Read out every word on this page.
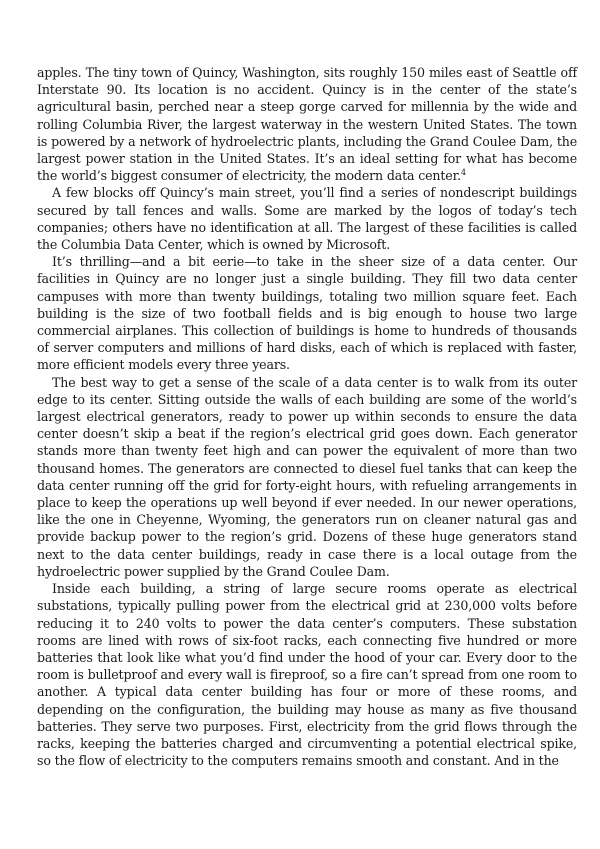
apples. The tiny town of Quincy, Washington, sits roughly 150 miles east of Seattle off Interstate 90. Its location is no accident. Quincy is in the center of the state’s agricultural basin, perched near a steep gorge carved for millennia by the wide and rolling Columbia River, the largest waterway in the western United States. The town is powered by a network of hydroelectric plants, including the Grand Coulee Dam, the largest power station in the United States. It’s an ideal setting for what has become the world’s biggest consumer of electricity, the modern data center.$^4$

A few blocks off Quincy’s main street, you’ll find a series of nondescript buildings secured by tall fences and walls. Some are marked by the logos of today’s tech companies; others have no identification at all. The largest of these facilities is called the Columbia Data Center, which is owned by Microsoft.

It’s thrilling—and a bit eerie—to take in the sheer size of a data center. Our facilities in Quincy are no longer just a single building. They fill two data center campuses with more than twenty buildings, totaling two million square feet. Each building is the size of two football fields and is big enough to house two large commercial airplanes. This collection of buildings is home to hundreds of thousands of server computers and millions of hard disks, each of which is replaced with faster, more efficient models every three years.

The best way to get a sense of the scale of a data center is to walk from its outer edge to its center. Sitting outside the walls of each building are some of the world’s largest electrical generators, ready to power up within seconds to ensure the data center doesn’t skip a beat if the region’s electrical grid goes down. Each generator stands more than twenty feet high and can power the equivalent of more than two thousand homes. The generators are connected to diesel fuel tanks that can keep the data center running off the grid for forty-eight hours, with refueling arrangements in place to keep the operations up well beyond if ever needed. In our newer operations, like the one in Cheyenne, Wyoming, the generators run on cleaner natural gas and provide backup power to the region’s grid. Dozens of these huge generators stand next to the data center buildings, ready in case there is a local outage from the hydroelectric power supplied by the Grand Coulee Dam.

Inside each building, a string of large secure rooms operate as electrical substations, typically pulling power from the electrical grid at 230,000 volts before reducing it to 240 volts to power the data center’s computers. These substation rooms are lined with rows of six-foot racks, each connecting five hundred or more batteries that look like what you’d find under the hood of your car. Every door to the room is bulletproof and every wall is fireproof, so a fire can’t spread from one room to another. A typical data center building has four or more of these rooms, and depending on the configuration, the building may house as many as five thousand batteries. They serve two purposes. First, electricity from the grid flows through the racks, keeping the batteries charged and circumventing a potential electrical spike, so the flow of electricity to the computers remains smooth and constant. And in the
